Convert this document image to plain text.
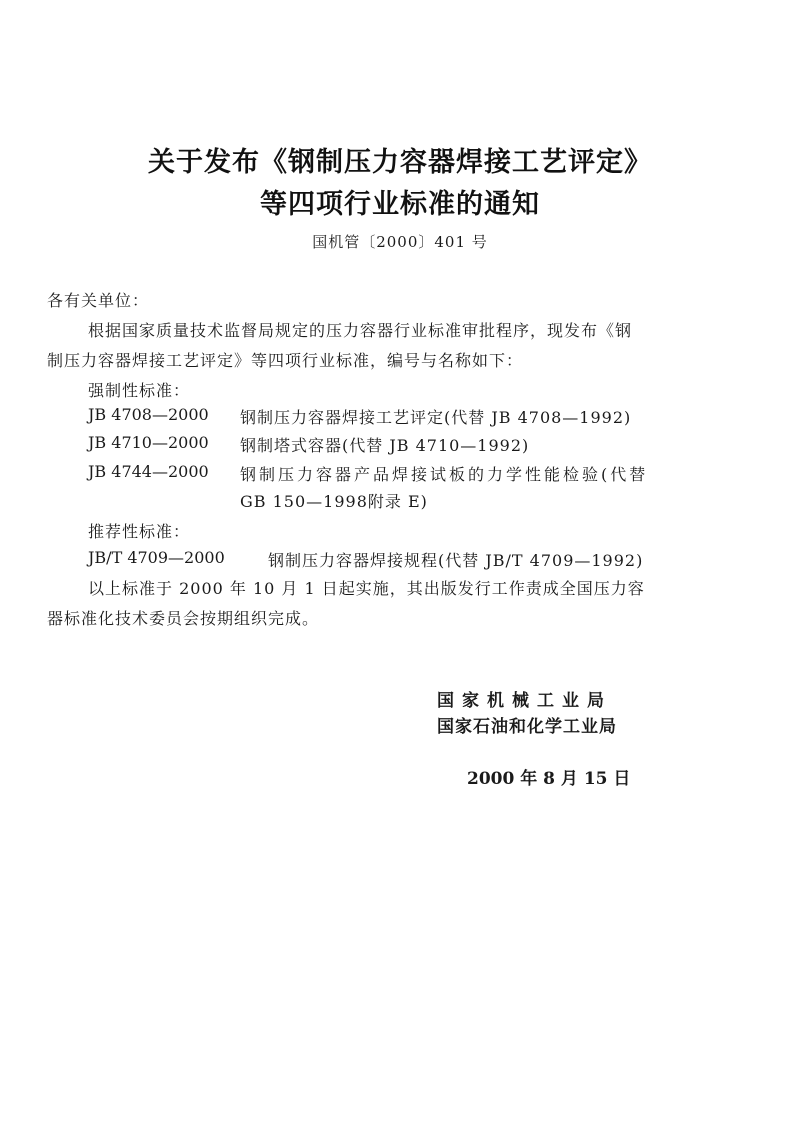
关于发布《钢制压力容器焊接工艺评定》
等四项行业标准的通知
国机管〔2000〕401 号
各有关单位：
根据国家质量技术监督局规定的压力容器行业标准审批程序，现发布《钢
制压力容器焊接工艺评定》等四项行业标准，编号与名称如下：
强制性标准：
JB 4708—2000 钢制压力容器焊接工艺评定(代替 JB 4708—1992)
JB 4710—2000 钢制塔式容器(代替 JB 4710—1992)
JB 4744—2000 钢制压力容器产品焊接试板的力学性能检验(代替
GB 150—1998附录 E)
推荐性标准：
JB/T 4709—2000	钢制压力容器焊接规程(代替 JB/T 4709—1992)
以上标准于 2000 年 10 月 1 日起实施，其出版发行工作责成全国压力容
器标准化技术委员会按期组织完成。
国家机械工业局
国家石油和化学工业局
2000 年 8 月 15 日
